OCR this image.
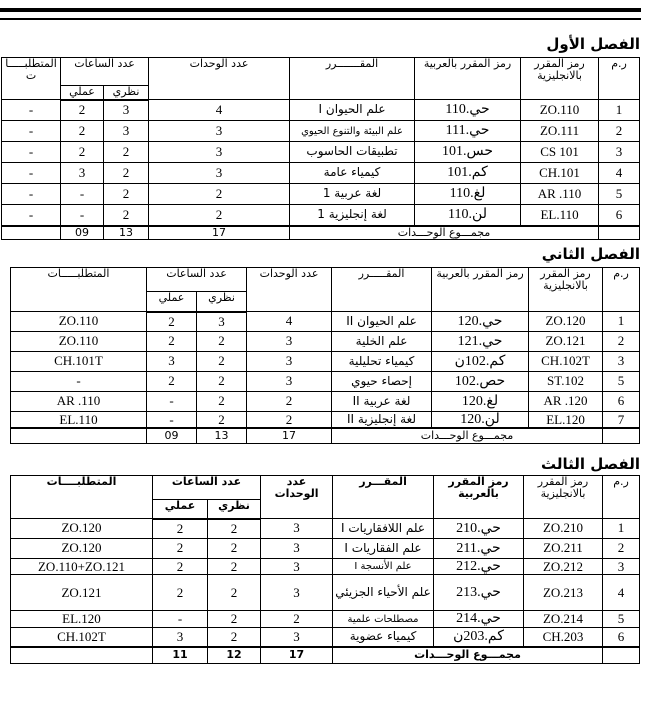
الفصل الأول
ر.م	رمز المقرر بالانجليزية	رمز المقرر بالعربية	المقـــــــرر	عدد الوحدات	عدد الساعات		المتطلبـــــا ت
					نظري	عملي	
1	ZO.110	حي.110	علم الحيوان I	4	3	2	-
2	ZO.111	حي.111	علم البيئة والتنوع الحيوي	3	3	2	-
3	CS 101	حس.101	تطبيقات الحاسوب	3	2	2	-
4	CH.101	كم.101	كيمياء عامة	3	2	3	-
5	AR .110	لغ.110	لغة عربية 1	2	2	-	-
6	EL.110	لن.110	لغة إنجليزية 1	2	2	-	-
	مجمـــوع الوحـــدات			17	13	09	
الفصل الثاني
ر.م	رمز المقرر بالانجليزية	رمز المقرر بالعربية	المقـــــرر	عدد الوحدات	عدد الساعات		المتطلبـــــات
					نظري	عملي	
1	ZO.120	حي.120	علم الحيوان II	4	3	2	ZO.110
2	ZO.121	حي.121	علم الخلية	3	2	2	ZO.110
3	CH.102T	كم.102ن	كيمياء تحليلية	3	2	3	CH.101T
5	ST.102	حص.102	إحصاء حيوي	3	2	2	-
6	AR .120	لغ.120	لغة عربية II	2	2	-	AR .110
7	EL.120	لن.120	لغة إنجليزية II	2	2	-	EL.110
	مجمـــوع الوحـــدات			17	13	09	
الفصل الثالث
ر.م	رمز المقرر بالانجليزية	رمز المقرر بالعربية	المقـــرر	عدد الوحدات	عدد الساعات		المتطلبــــات
					نظري	عملي	
1	ZO.210	حي.210	علم اللافقاريات I	3	2	2	ZO.120
2	ZO.211	حي.211	علم الفقاريات I	3	2	2	ZO.120
3	ZO.212	حي.212	علم الأنسجة I	3	2	2	ZO.110+ZO.121
4	ZO.213	حي.213	علم الأحياء الجزيئي	3	2	2	ZO.121
5	ZO.214	حي.214	مصطلحات علمية	2	2	-	EL.120
6	CH.203	كم.203ن	كيمياء عضوية	3	2	3	CH.102T
	مجمـــوع الوحـــدات			17	12	11	
